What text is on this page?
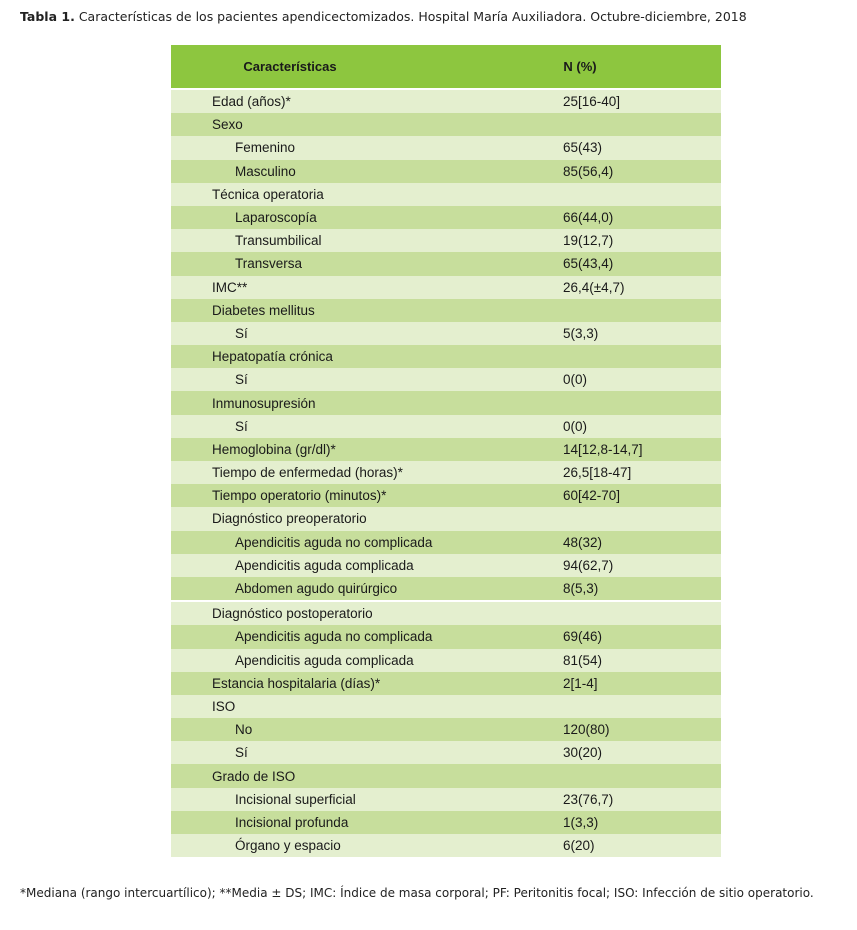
Tabla 1. Características de los pacientes apendicectomizados. Hospital María Auxiliadora. Octubre-diciembre, 2018
Características	N (%)
Edad (años)*	25[16-40]
Sexo
Femenino	65(43)
Masculino	85(56,4)
Técnica operatoria
Laparoscopía	66(44,0)
Transumbilical	19(12,7)
Transversa	65(43,4)
IMC**	26,4(±4,7)
Diabetes mellitus
Sí	5(3,3)
Hepatopatía crónica
Sí	0(0)
Inmunosupresión
Sí	0(0)
Hemoglobina (gr/dl)*	14[12,8-14,7]
Tiempo de enfermedad (horas)*	26,5[18-47]
Tiempo operatorio (minutos)*	60[42-70]
Diagnóstico preoperatorio
Apendicitis aguda no complicada	48(32)
Apendicitis aguda complicada	94(62,7)
Abdomen agudo quirúrgico	8(5,3)
Diagnóstico postoperatorio
Apendicitis aguda no complicada	69(46)
Apendicitis aguda complicada	81(54)
Estancia hospitalaria (días)*	2[1-4]
ISO
No	120(80)
Sí	30(20)
Grado de ISO
Incisional superficial	23(76,7)
Incisional profunda	1(3,3)
Órgano y espacio	6(20)
*Mediana (rango intercuartílico); **Media ± DS; IMC: Índice de masa corporal; PF: Peritonitis focal; ISO: Infección de sitio operatorio.
